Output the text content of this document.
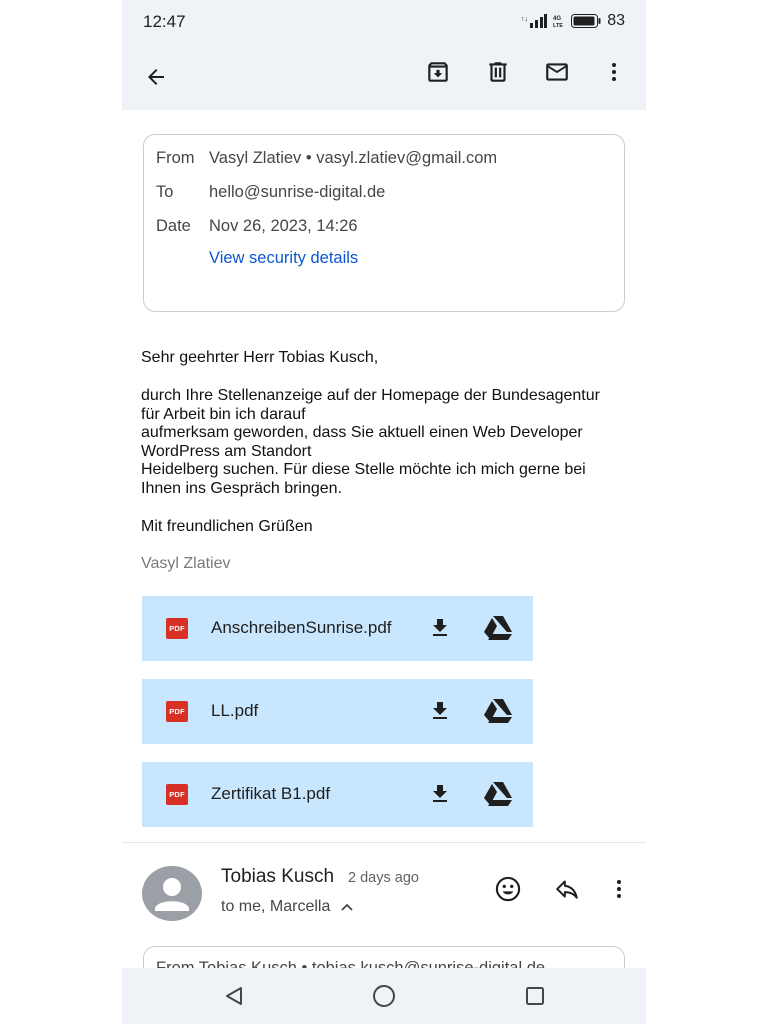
12:47	↑↓	4G
LTE	83
From Vasyl Zlatiev • vasyl.zlatiev@gmail.com
To	hello@sunrise-digital.de
Date	Nov 26, 2023, 14:26
View security details
Sehr geehrter Herr Tobias Kusch,
durch Ihre Stellenanzeige auf der Homepage der Bundesagentur
für Arbeit bin ich darauf
aufmerksam geworden, dass Sie aktuell einen Web Developer
WordPress am Standort
Heidelberg suchen. Für diese Stelle möchte ich mich gerne bei
Ihnen ins Gespräch bringen.
Mit freundlichen Grüßen
Vasyl Zlatiev
PDF AnschreibenSunrise.pdf
PDF LL.pdf
PDF Zertifikat B1.pdf
Tobias Kusch 2 days ago
to me, Marcella
